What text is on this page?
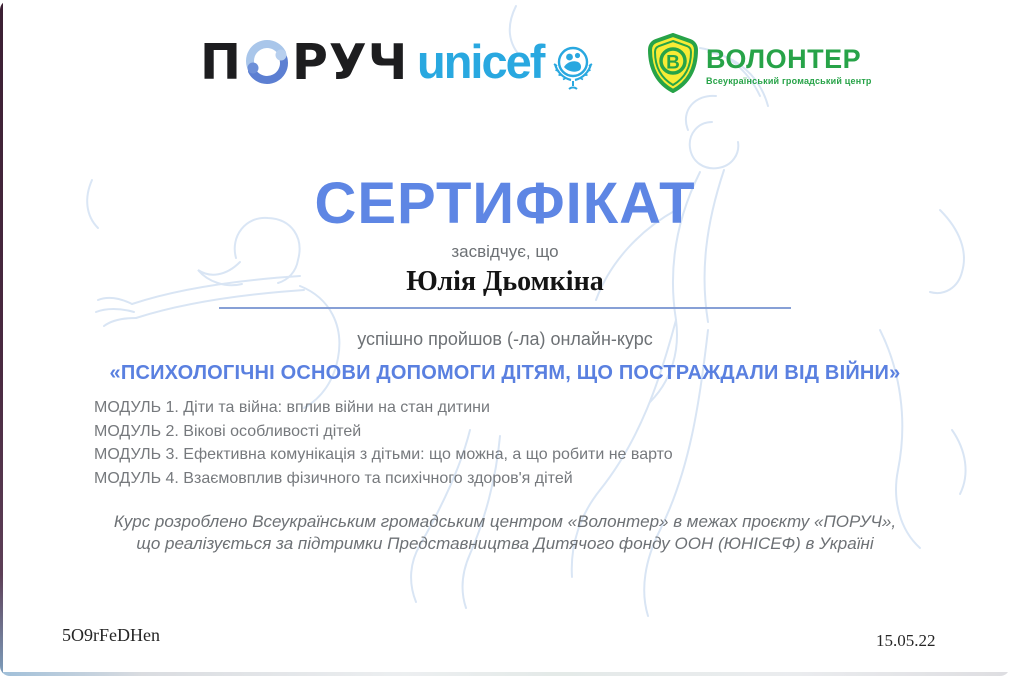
П РУЧ unicef	В ВОЛОНТЕР
Всеукраїнський громадський центр
СЕРТИФІКАТ
засвідчує, що
Юлія Дьомкіна
успішно пройшов (-ла) онлайн-курс
«ПСИХОЛОГІЧНІ ОСНОВИ ДОПОМОГИ ДІТЯМ, ЩО ПОСТРАЖДАЛИ ВІД ВІЙНИ»
МОДУЛЬ 1. Діти та війна: вплив війни на стан дитини
МОДУЛЬ 2. Вікові особливості дітей
МОДУЛЬ 3. Ефективна комунікація з дітьми: що можна, а що робити не варто
МОДУЛЬ 4. Взаємовплив фізичного та психічного здоров'я дітей
Курс розроблено Всеукраїнським громадським центром «Волонтер» в межах проєкту «ПОРУЧ»,
що реалізується за підтримки Представництва Дитячого фонду ООН (ЮНІСЕФ) в Україні
5O9rFeDHen	15.05.22
